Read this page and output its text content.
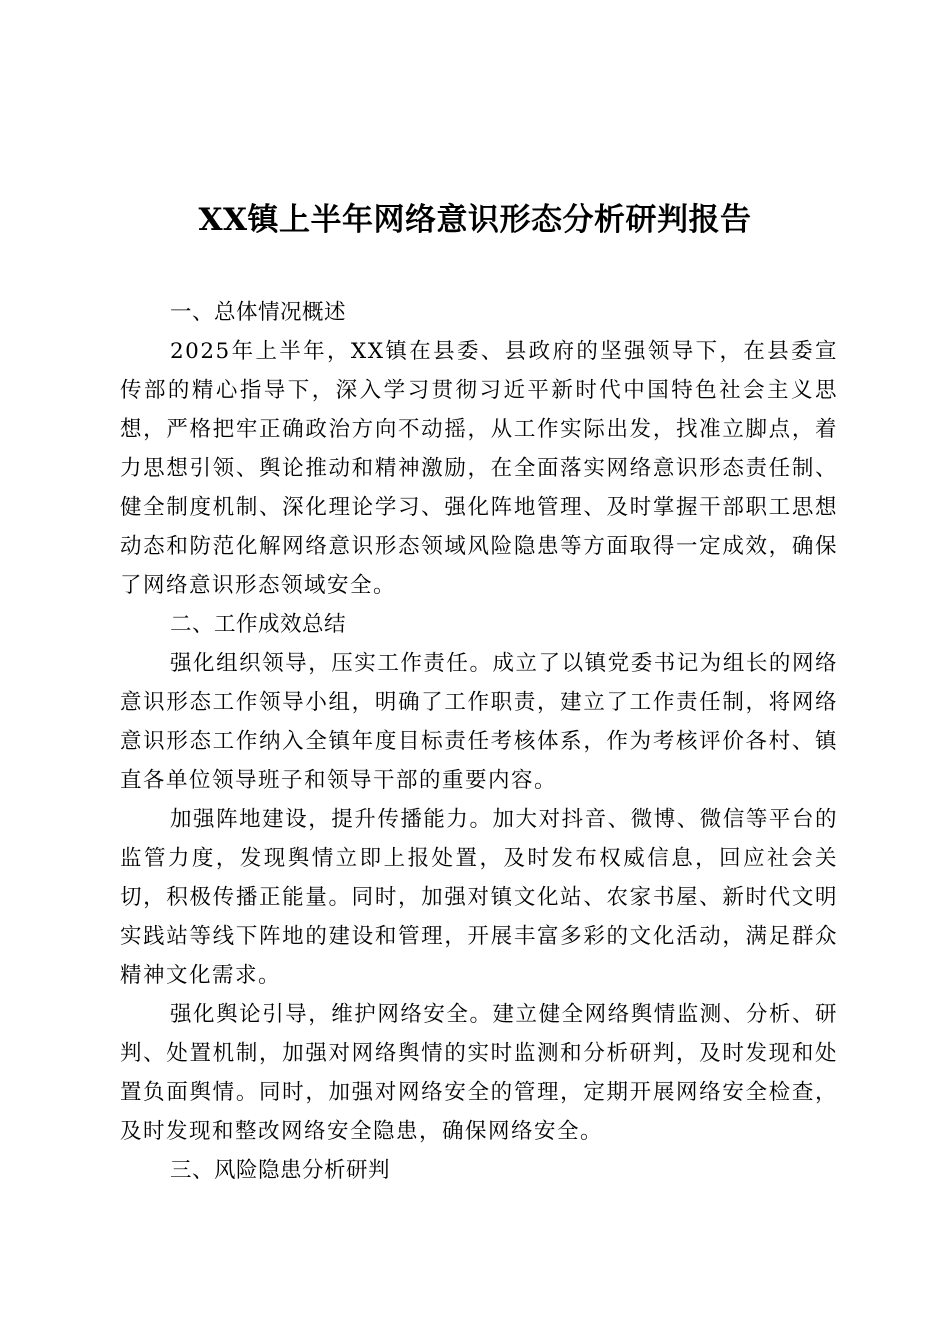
XX镇上半年网络意识形态分析研判报告
一、总体情况概述

2025年上半年，XX镇在县委、县政府的坚强领导下，在县委宣传部的精心指导下，深入学习贯彻习近平新时代中国特色社会主义思想，严格把牢正确政治方向不动摇，从工作实际出发，找准立脚点，着力思想引领、舆论推动和精神激励，在全面落实网络意识形态责任制、健全制度机制、深化理论学习、强化阵地管理、及时掌握干部职工思想动态和防范化解网络意识形态领域风险隐患等方面取得一定成效，确保了网络意识形态领域安全。

二、工作成效总结

强化组织领导，压实工作责任。成立了以镇党委书记为组长的网络意识形态工作领导小组，明确了工作职责，建立了工作责任制，将网络意识形态工作纳入全镇年度目标责任考核体系，作为考核评价各村、镇直各单位领导班子和领导干部的重要内容。

加强阵地建设，提升传播能力。加大对抖音、微博、微信等平台的监管力度，发现舆情立即上报处置，及时发布权威信息，回应社会关切，积极传播正能量。同时，加强对镇文化站、农家书屋、新时代文明实践站等线下阵地的建设和管理，开展丰富多彩的文化活动，满足群众精神文化需求。

强化舆论引导，维护网络安全。建立健全网络舆情监测、分析、研判、处置机制，加强对网络舆情的实时监测和分析研判，及时发现和处置负面舆情。同时，加强对网络安全的管理，定期开展网络安全检查，及时发现和整改网络安全隐患，确保网络安全。

三、风险隐患分析研判
